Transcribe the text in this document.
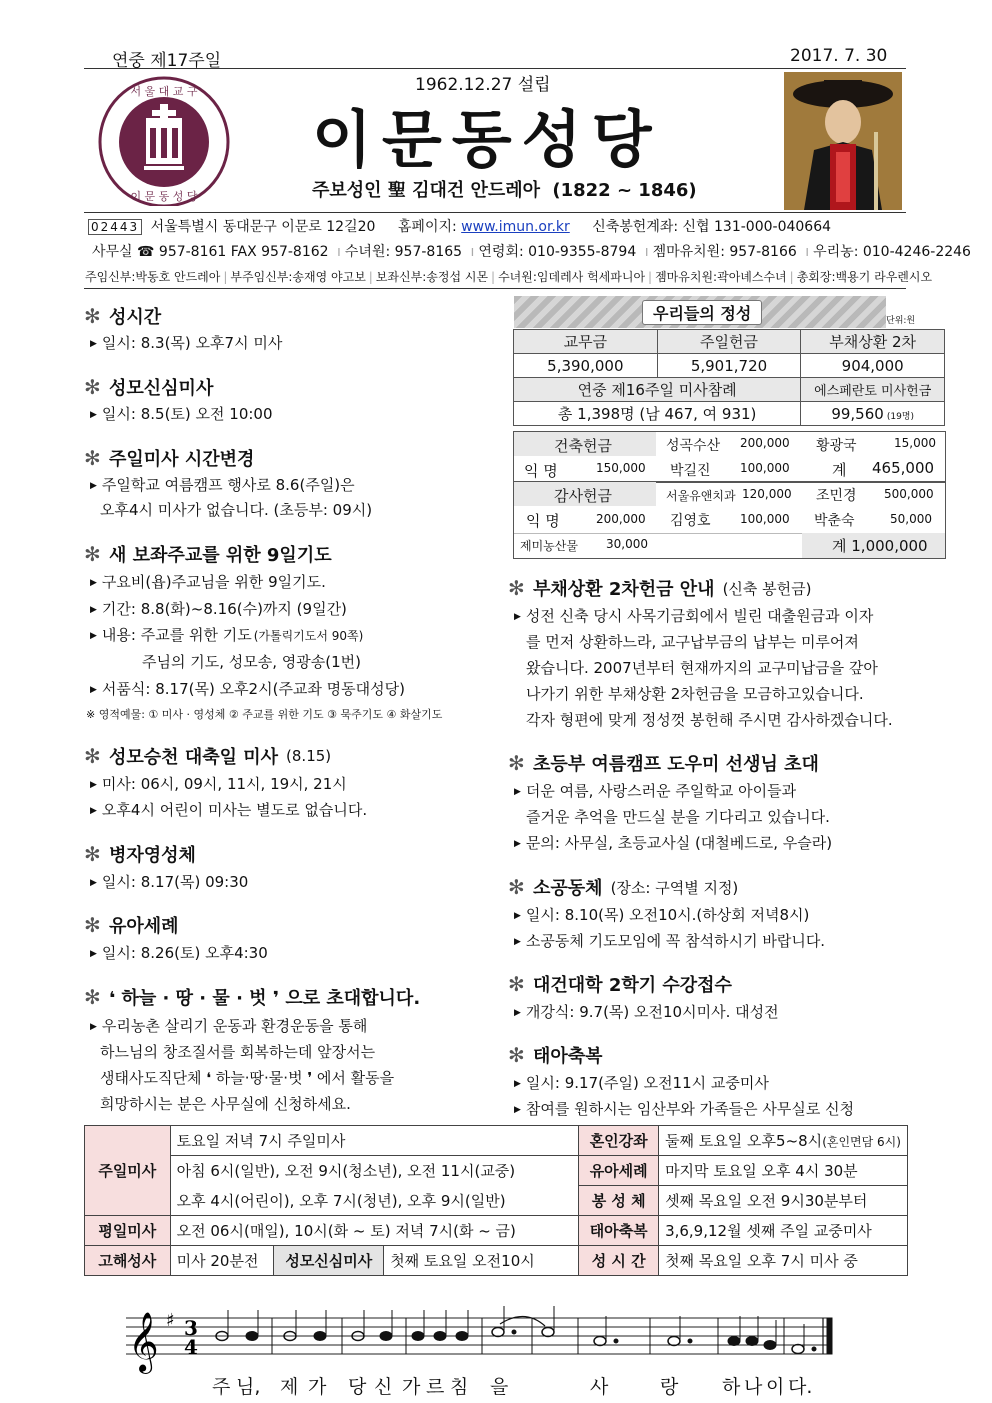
연중 제17주일	2017. 7. 30
서 울 대 교 구
이 문 동 성 당
1962.12.27 설립
이문동성당
주보성인 聖 김대건 안드레아 (1822 ~ 1846)
02443 서울특별시 동대문구 이문로 12길20 홈페이지: www.imun.or.kr 신축봉헌계좌: 신협 131-000-040664
사무실 ☎ 957-8161 FAX 957-8162 ı 수녀원: 957-8165 ı 연령회: 010-9355-8794 ı 젬마유치원: 957-8166 ı 우리농: 010-4246-2246
주임신부:박동호 안드레아 | 부주임신부:송재영 야고보 | 보좌신부:송정섭 시몬 | 수녀원:임데레사 헉세파니아 | 젬마유치원:곽아녜스수녀 | 총회장:백용기 라우렌시오
✻ 성시간
▶ 일시: 8.3(목) 오후7시 미사
✻ 성모신심미사
▶ 일시: 8.5(토) 오전 10:00
✻ 주일미사 시간변경
▶ 주일학교 여름캠프 행사로 8.6(주일)은
오후4시 미사가 없습니다. (초등부: 09시)
✻ 새 보좌주교를 위한 9일기도
▶ 구요비(욥)주교님을 위한 9일기도.
▶ 기간: 8.8(화)~8.16(수)까지 (9일간)
▶ 내용: 주교를 위한 기도 (가톨릭기도서 90쪽)
주님의 기도, 성모송, 영광송(1번)
▶ 서품식: 8.17(목) 오후2시(주교좌 명동대성당)
※ 영적예물: ① 미사 · 영성체 ② 주교를 위한 기도 ③ 묵주기도 ④ 화살기도
✻ 성모승천 대축일 미사 (8.15)
▶ 미사: 06시, 09시, 11시, 19시, 21시
▶ 오후4시 어린이 미사는 별도로 없습니다.
✻ 병자영성체
▶ 일시: 8.17(목) 09:30
✻ 유아세례
▶ 일시: 8.26(토) 오후4:30
✻ ❛ 하늘 · 땅 · 물 · 벗 ❜ 으로 초대합니다.
▶ 우리농촌 살리기 운동과 환경운동을 통해
하느님의 창조질서를 회복하는데 앞장서는
생태사도직단체 ❛ 하늘·땅·물·벗 ❜ 에서 활동을
희망하시는 분은 사무실에 신청하세요.
우리들의 정성	단위:원
교무금	주일헌금	부채상환 2차
5,390,000	5,901,720	904,000
연중 제16주일 미사참례		에스페란토 미사헌금
총 1,398명 (남 467, 여 931)		99,560 (19명)
건축헌금	성곡수산 200,000 황광국	15,000
익 명	150,000 박길진 100,000	계 465,000
감사헌금	서울유앤치과 120,000 조민경 500,000
익 명	200,000 김영호 100,000 박춘숙	50,000
제미농산물 30,000	계 1,000,000
✻ 부채상환 2차헌금 안내 (신축 봉헌금)
▶ 성전 신축 당시 사목기금회에서 빌린 대출원금과 이자
를 먼저 상환하느라, 교구납부금의 납부는 미루어져
왔습니다. 2007년부터 현재까지의 교구미납금을 갚아
나가기 위한 부채상환 2차헌금을 모금하고있습니다.
각자 형편에 맞게 정성껏 봉헌해 주시면 감사하겠습니다.
✻ 초등부 여름캠프 도우미 선생님 초대
▶ 더운 여름, 사랑스러운 주일학교 아이들과
즐거운 추억을 만드실 분을 기다리고 있습니다.
▶ 문의: 사무실, 초등교사실 (대철베드로, 우슬라)
✻ 소공동체 (장소: 구역별 지정)
▶ 일시: 8.10(목) 오전10시.(하상회 저녁8시)
▶ 소공동체 기도모임에 꼭 참석하시기 바랍니다.
✻ 대건대학 2학기 수강접수
▶ 개강식: 9.7(목) 오전10시미사. 대성전
✻ 태아축복
▶ 일시: 9.17(주일) 오전11시 교중미사
▶ 참여를 원하시는 임산부와 가족들은 사무실로 신청
주일미사	토요일 저녁 7시 주일미사			혼인강좌	둘째 토요일 오후5~8시(혼인면담 6시)
	아침 6시(일반), 오전 9시(청소년), 오전 11시(교중)			유아세례	마지막 토요일 오후 4시 30분
	오후 4시(어린이), 오후 7시(청년), 오후 9시(일반)			봉 성 체	셋째 목요일 오전 9시30분부터
평일미사	오전 06시(매일), 10시(화 ~ 토) 저녁 7시(화 ~ 금)			태아축복	3,6,9,12월 셋째 주일 교중미사
고해성사	미사 20분전	성모신심미사	첫째 토요일 오전10시	성 시 간	첫째 목요일 오후 7시 미사 중
𝄞 ♯ 3
4
주 님, 제 가 당 신 가 르 침 을	사	랑 하 나 이 다.
